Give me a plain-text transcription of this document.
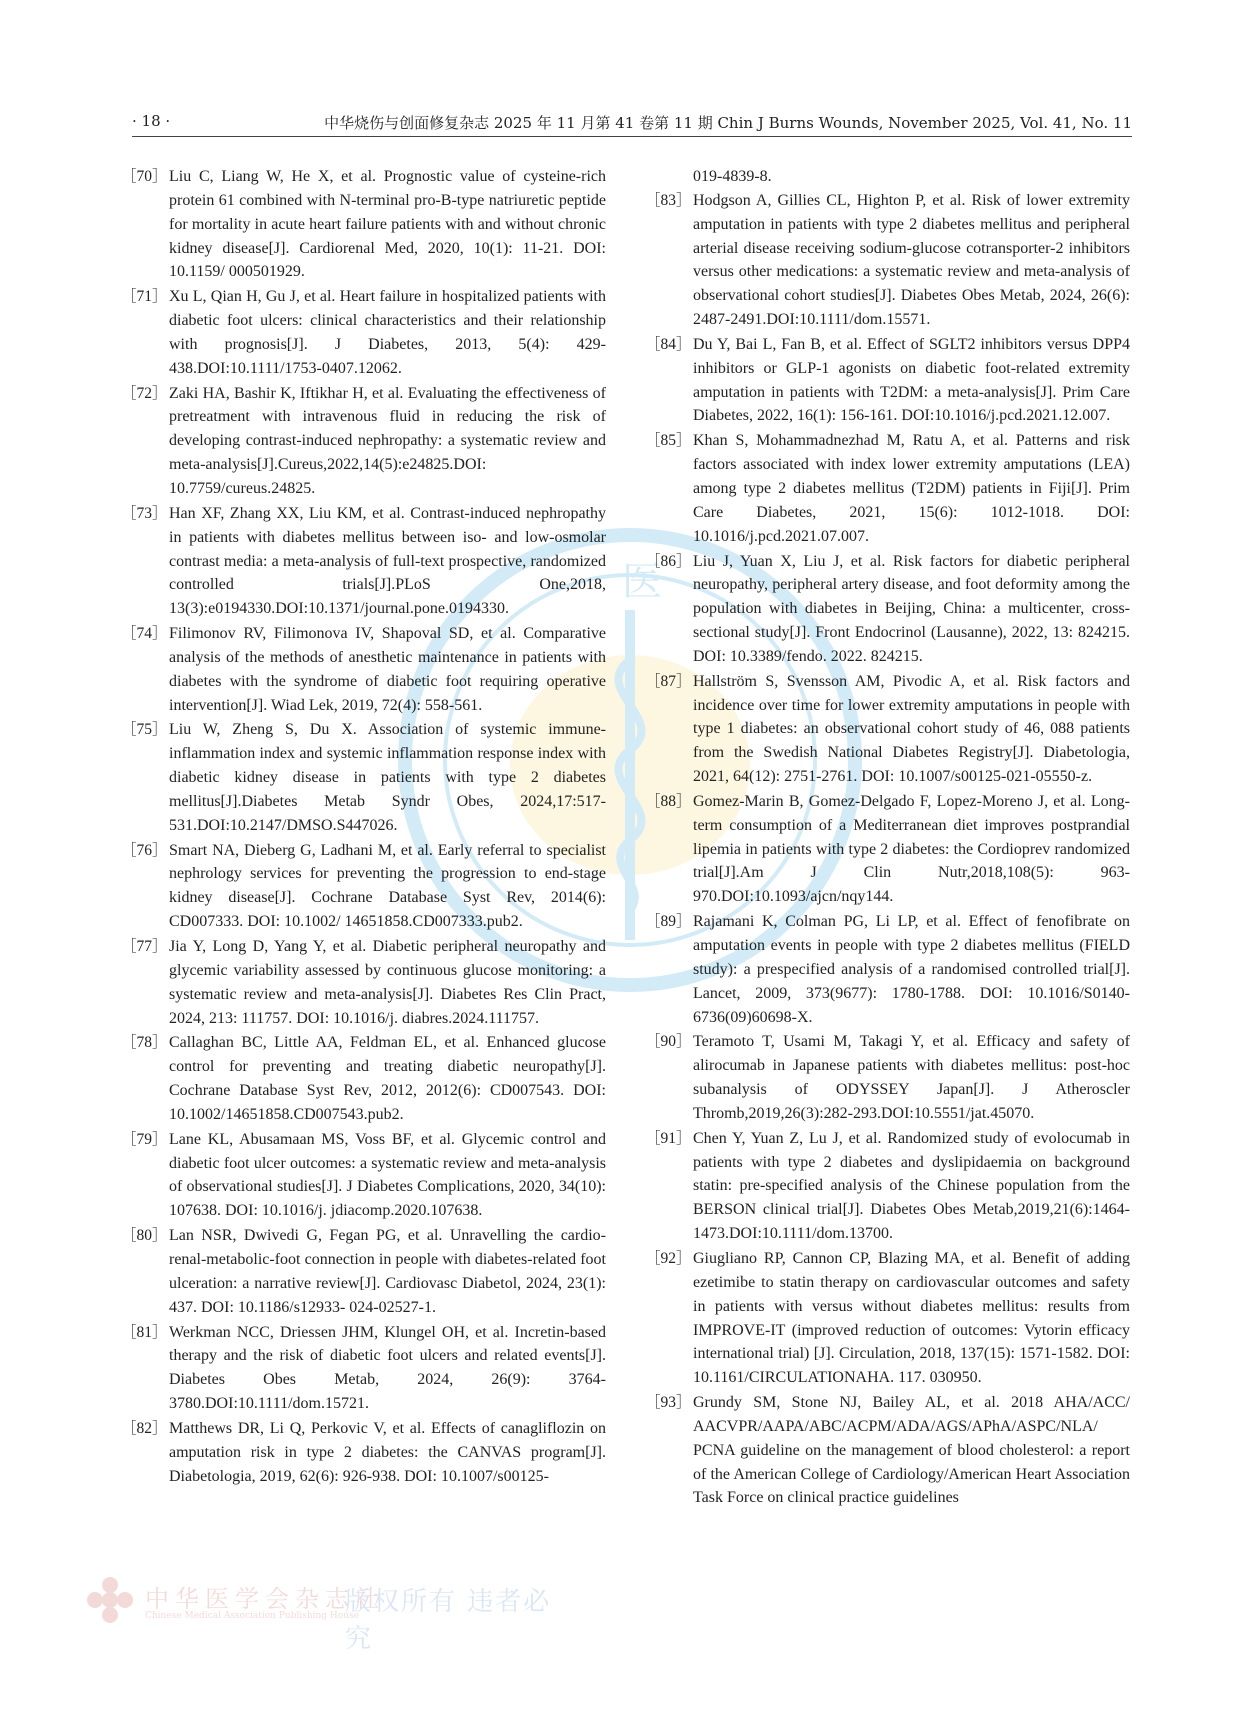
· 18 ·	中华烧伤与创面修复杂志 2025 年 11 月第 41 卷第 11 期 Chin J Burns Wounds, November 2025, Vol. 41, No. 11
医
［70］ Liu C, Liang W, He X, et al. Prognostic value of cysteine-rich protein 61 combined with N-terminal pro-B-type natriuretic peptide for mortality in acute heart failure patients with and without chronic kidney disease[J]. Cardiorenal Med, 2020, 10(1): 11-21. DOI: 10.1159/ 000501929.
［71］ Xu L, Qian H, Gu J, et al. Heart failure in hospitalized patients with diabetic foot ulcers: clinical characteristics and their relationship with prognosis[J]. J Diabetes, 2013, 5(4): 429-438.DOI:10.1111/1753-0407.12062.
［72］ Zaki HA, Bashir K, Iftikhar H, et al. Evaluating the effectiveness of pretreatment with intravenous fluid in reducing the risk of developing contrast-induced nephropathy: a systematic review and meta-analysis[J].Cureus,2022,14(5):e24825.DOI: 10.7759/cureus.24825.
［73］ Han XF, Zhang XX, Liu KM, et al. Contrast-induced nephropathy in patients with diabetes mellitus between iso- and low-osmolar contrast media: a meta-analysis of full-text prospective, randomized controlled trials[J].PLoS One,2018, 13(3):e0194330.DOI:10.1371/journal.pone.0194330.
［74］ Filimonov RV, Filimonova IV, Shapoval SD, et al. Comparative analysis of the methods of anesthetic maintenance in patients with diabetes with the syndrome of diabetic foot requiring operative intervention[J]. Wiad Lek, 2019, 72(4): 558-561.
［75］ Liu W, Zheng S, Du X. Association of systemic immune-inflammation index and systemic inflammation response index with diabetic kidney disease in patients with type 2 diabetes mellitus[J].Diabetes Metab Syndr Obes, 2024,17:517-531.DOI:10.2147/DMSO.S447026.
［76］ Smart NA, Dieberg G, Ladhani M, et al. Early referral to specialist nephrology services for preventing the progression to end-stage kidney disease[J]. Cochrane Database Syst Rev, 2014(6): CD007333. DOI: 10.1002/ 14651858.CD007333.pub2.
［77］ Jia Y, Long D, Yang Y, et al. Diabetic peripheral neuropathy and glycemic variability assessed by continuous glucose monitoring: a systematic review and meta-analysis[J]. Diabetes Res Clin Pract, 2024, 213: 111757. DOI: 10.1016/j. diabres.2024.111757.
［78］ Callaghan BC, Little AA, Feldman EL, et al. Enhanced glucose control for preventing and treating diabetic neuropathy[J]. Cochrane Database Syst Rev, 2012, 2012(6): CD007543. DOI: 10.1002/14651858.CD007543.pub2.
［79］ Lane KL, Abusamaan MS, Voss BF, et al. Glycemic control and diabetic foot ulcer outcomes: a systematic review and meta-analysis of observational studies[J]. J Diabetes Complications, 2020, 34(10): 107638. DOI: 10.1016/j. jdiacomp.2020.107638.
［80］ Lan NSR, Dwivedi G, Fegan PG, et al. Unravelling the cardio-renal-metabolic-foot connection in people with diabetes-related foot ulceration: a narrative review[J]. Cardiovasc Diabetol, 2024, 23(1): 437. DOI: 10.1186/s12933- 024-02527-1.
［81］ Werkman NCC, Driessen JHM, Klungel OH, et al. Incretin-based therapy and the risk of diabetic foot ulcers and related events[J]. Diabetes Obes Metab, 2024, 26(9): 3764-3780.DOI:10.1111/dom.15721.
［82］ Matthews DR, Li Q, Perkovic V, et al. Effects of canagliflozin on amputation risk in type 2 diabetes: the CANVAS program[J]. Diabetologia, 2019, 62(6): 926-938. DOI: 10.1007/s00125-
019-4839-8.
［83］ Hodgson A, Gillies CL, Highton P, et al. Risk of lower extremity amputation in patients with type 2 diabetes mellitus and peripheral arterial disease receiving sodium-glucose cotransporter-2 inhibitors versus other medications: a systematic review and meta-analysis of observational cohort studies[J]. Diabetes Obes Metab, 2024, 26(6): 2487-2491.DOI:10.1111/dom.15571.
［84］ Du Y, Bai L, Fan B, et al. Effect of SGLT2 inhibitors versus DPP4 inhibitors or GLP-1 agonists on diabetic foot-related extremity amputation in patients with T2DM: a meta-analysis[J]. Prim Care Diabetes, 2022, 16(1): 156-161. DOI:10.1016/j.pcd.2021.12.007.
［85］ Khan S, Mohammadnezhad M, Ratu A, et al. Patterns and risk factors associated with index lower extremity amputations (LEA) among type 2 diabetes mellitus (T2DM) patients in Fiji[J]. Prim Care Diabetes, 2021, 15(6): 1012-1018. DOI: 10.1016/j.pcd.2021.07.007.
［86］ Liu J, Yuan X, Liu J, et al. Risk factors for diabetic peripheral neuropathy, peripheral artery disease, and foot deformity among the population with diabetes in Beijing, China: a multicenter, cross-sectional study[J]. Front Endocrinol (Lausanne), 2022, 13: 824215. DOI: 10.3389/fendo. 2022. 824215.
［87］ Hallström S, Svensson AM, Pivodic A, et al. Risk factors and incidence over time for lower extremity amputations in people with type 1 diabetes: an observational cohort study of 46, 088 patients from the Swedish National Diabetes Registry[J]. Diabetologia, 2021, 64(12): 2751-2761. DOI: 10.1007/s00125-021-05550-z.
［88］ Gomez-Marin B, Gomez-Delgado F, Lopez-Moreno J, et al. Long-term consumption of a Mediterranean diet improves postprandial lipemia in patients with type 2 diabetes: the Cordioprev randomized trial[J].Am J Clin Nutr,2018,108(5): 963-970.DOI:10.1093/ajcn/nqy144.
［89］ Rajamani K, Colman PG, Li LP, et al. Effect of fenofibrate on amputation events in people with type 2 diabetes mellitus (FIELD study): a prespecified analysis of a randomised controlled trial[J]. Lancet, 2009, 373(9677): 1780-1788. DOI: 10.1016/S0140-6736(09)60698-X.
［90］ Teramoto T, Usami M, Takagi Y, et al. Efficacy and safety of alirocumab in Japanese patients with diabetes mellitus: post-hoc subanalysis of ODYSSEY Japan[J]. J Atheroscler Thromb,2019,26(3):282-293.DOI:10.5551/jat.45070.
［91］ Chen Y, Yuan Z, Lu J, et al. Randomized study of evolocumab in patients with type 2 diabetes and dyslipidaemia on background statin: pre-specified analysis of the Chinese population from the BERSON clinical trial[J]. Diabetes Obes Metab,2019,21(6):1464-1473.DOI:10.1111/dom.13700.
［92］ Giugliano RP, Cannon CP, Blazing MA, et al. Benefit of adding ezetimibe to statin therapy on cardiovascular outcomes and safety in patients with versus without diabetes mellitus: results from IMPROVE-IT (improved reduction of outcomes: Vytorin efficacy international trial) [J]. Circulation, 2018, 137(15): 1571-1582. DOI: 10.1161/CIRCULATIONAHA. 117. 030950.
［93］ Grundy SM, Stone NJ, Bailey AL, et al. 2018 AHA/ACC/ AACVPR/AAPA/ABC/ACPM/ADA/AGS/APhA/ASPC/NLA/ PCNA guideline on the management of blood cholesterol: a report of the American College of Cardiology/American Heart Association Task Force on clinical practice guidelines
中华医学会杂志社
Chinese Medical Association Publishing House
版权所有 违者必究
